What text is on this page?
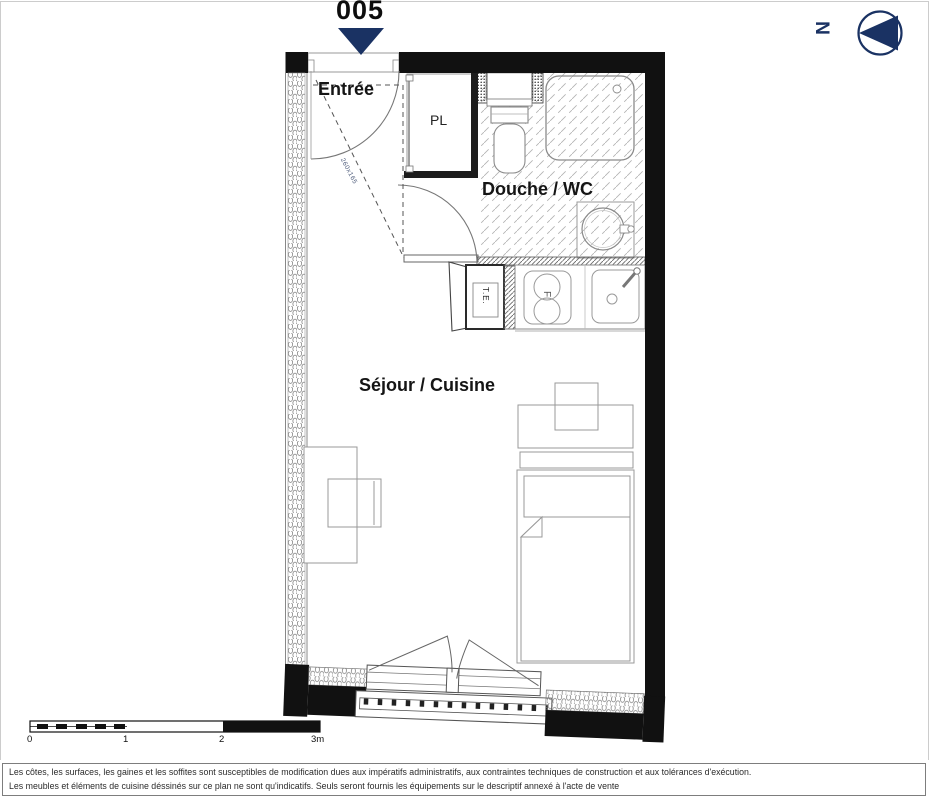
005
N
Entrée
PL
Douche / WC
Séjour / Cuisine
T.E.	F
260x165
0	1	2	3m
Les côtes, les surfaces, les gaines et les soffites sont susceptibles de modification dues aux impératifs administratifs, aux contraintes techniques de construction et aux tolérances d'exécution.
Les meubles et éléments de cuisine déssinés sur ce plan ne sont qu'indicatifs. Seuls seront fournis les équipements sur le descriptif annexé à l'acte de vente
